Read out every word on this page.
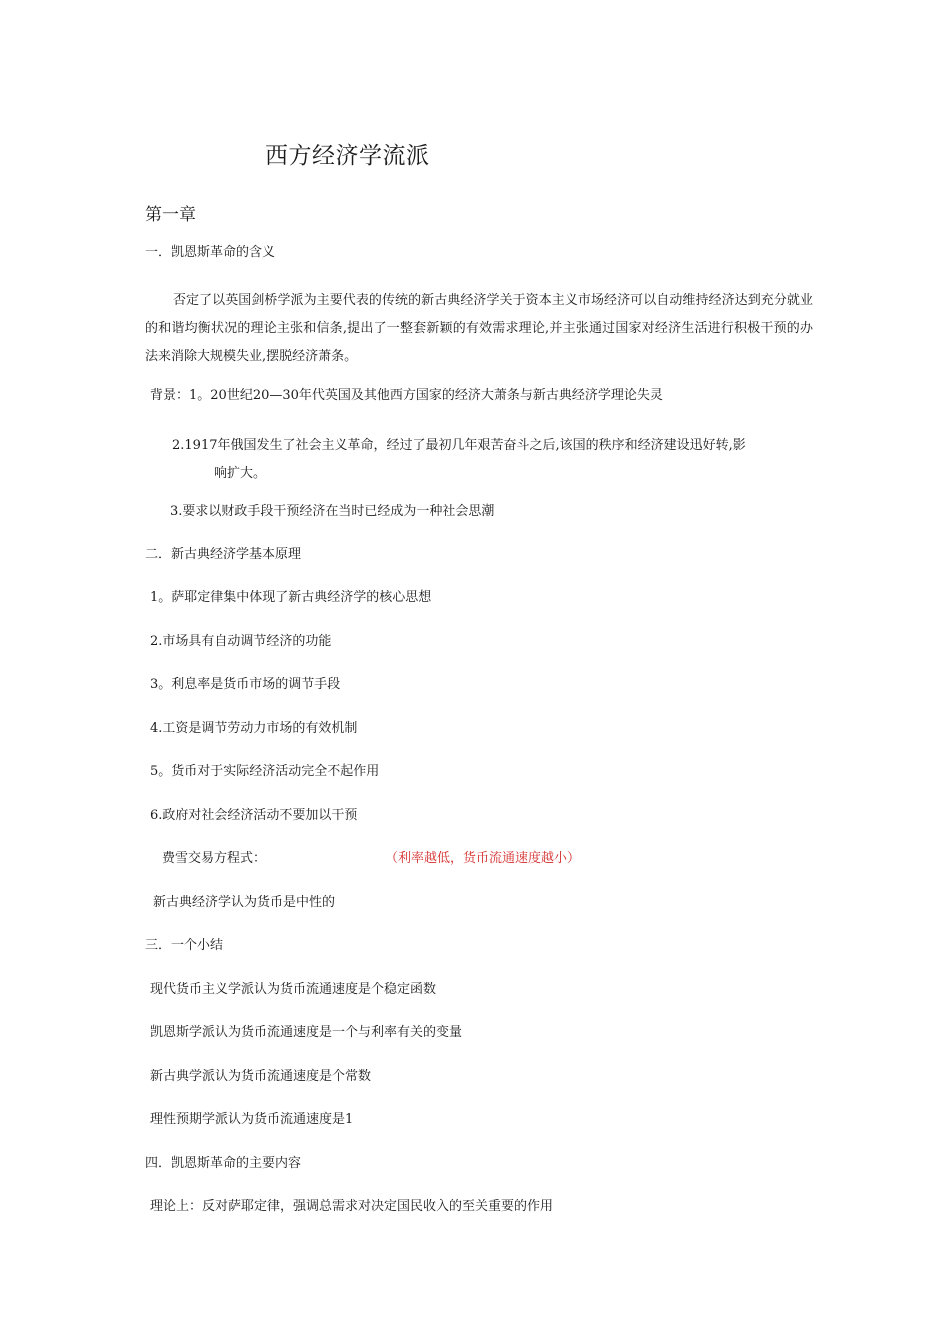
西方经济学流派
第一章
一．凯恩斯革命的含义
否定了以英国剑桥学派为主要代表的传统的新古典经济学关于资本主义市场经济可以自动维持经济达到充分就业的和谐均衡状况的理论主张和信条,提出了一整套新颖的有效需求理论,并主张通过国家对经济生活进行积极干预的办法来消除大规模失业,摆脱经济萧条。
背景：1。20世纪20—30年代英国及其他西方国家的经济大萧条与新古典经济学理论失灵
2.1917年俄国发生了社会主义革命，经过了最初几年艰苦奋斗之后,该国的秩序和经济建设迅好转,影
响扩大。
3.要求以财政手段干预经济在当时已经成为一种社会思潮
二．新古典经济学基本原理
1。萨耶定律集中体现了新古典经济学的核心思想
2.市场具有自动调节经济的功能
3。利息率是货币市场的调节手段
4.工资是调节劳动力市场的有效机制
5。货币对于实际经济活动完全不起作用
6.政府对社会经济活动不要加以干预
费雪交易方程式：	（利率越低，货币流通速度越小）
新古典经济学认为货币是中性的
三．一个小结
现代货币主义学派认为货币流通速度是个稳定函数
凯恩斯学派认为货币流通速度是一个与利率有关的变量
新古典学派认为货币流通速度是个常数
理性预期学派认为货币流通速度是1
四．凯恩斯革命的主要内容
理论上：反对萨耶定律，强调总需求对决定国民收入的至关重要的作用
